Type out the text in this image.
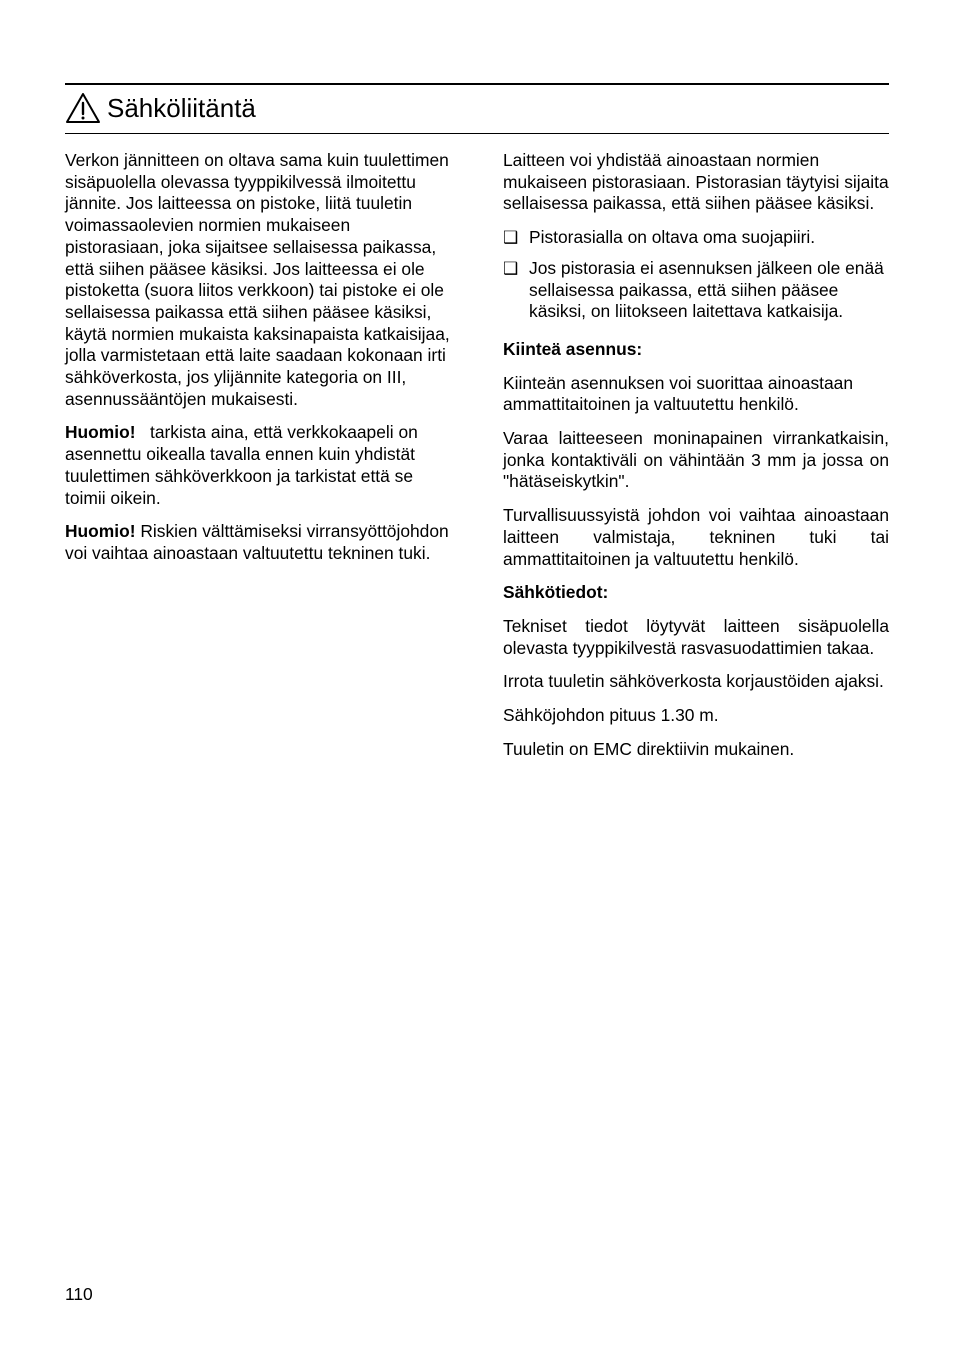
Sähköliitäntä

Verkon jännitteen on oltava sama kuin tuulettimen sisäpuolella olevassa tyyppikilvessä ilmoitettu jännite. Jos laitteessa on pistoke, liitä tuuletin voimassaolevien normien mukaiseen pistorasiaan, joka sijaitsee sellaisessa paikassa, että siihen pääsee käsiksi. Jos laitteessa ei ole pistoketta (suora liitos verkkoon) tai pistoke ei ole sellaisessa paikassa että siihen pääsee käsiksi, käytä normien mukaista kaksinapaista katkaisijaa, jolla varmistetaan että laite saadaan kokonaan irti sähköverkosta, jos ylijännite kategoria on III, asennussääntöjen mukaisesti.

Huomio! tarkista aina, että verkkokaapeli on asennettu oikealla tavalla ennen kuin yhdistät tuulettimen sähköverkkoon ja tarkistat että se toimii oikein.

Huomio! Riskien välttämiseksi virransyöttöjohdon voi vaihtaa ainoastaan valtuutettu tekninen tuki.

Laitteen voi yhdistää ainoastaan normien mukaiseen pistorasiaan. Pistorasian täytyisi sijaita sellaisessa paikassa, että siihen pääsee käsiksi.

❑ Pistorasialla on oltava oma suojapiiri.
❑ Jos pistorasia ei asennuksen jälkeen ole enää sellaisessa paikassa, että siihen pääsee käsiksi, on liitokseen laitettava katkaisija.

Kiinteä asennus:

Kiinteän asennuksen voi suorittaa ainoastaan ammattitaitoinen ja valtuutettu henkilö.

Varaa laitteeseen moninapainen virrankatkaisin, jonka kontaktiväli on vähintään 3 mm ja jossa on "hätäseiskytkin".

Turvallisuussyistä johdon voi vaihtaa ainoastaan laitteen valmistaja, tekninen tuki tai ammattitaitoinen ja valtuutettu henkilö.

Sähkötiedot:

Tekniset tiedot löytyvät laitteen sisäpuolella olevasta tyyppikilvestä rasvasuodattimien takaa.

Irrota tuuletin sähköverkosta korjaustöiden ajaksi.

Sähköjohdon pituus 1.30 m.

Tuuletin on EMC direktiivin mukainen.

110
